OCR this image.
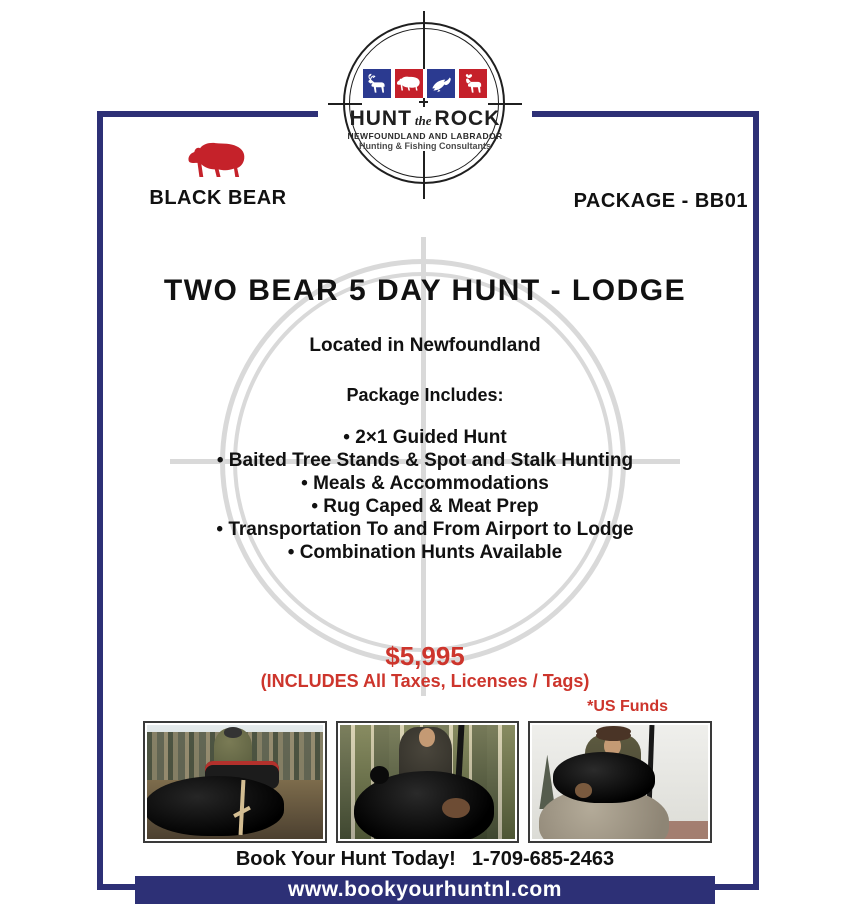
HUNT the ROCK
NEWFOUNDLAND AND LABRADOR
Hunting & Fishing Consultants
BLACK BEAR	PACKAGE - BB01
TWO BEAR 5 DAY HUNT - LODGE
Located in Newfoundland
Package Includes:
• 2×1 Guided Hunt
• Baited Tree Stands & Spot and Stalk Hunting
• Meals & Accommodations
• Rug Caped & Meat Prep
• Transportation To and From Airport to Lodge
• Combination Hunts Available
$5,995
(INCLUDES All Taxes, Licenses / Tags)
*US Funds
Book Your Hunt Today! 1-709-685-2463
www.bookyourhuntnl.com
